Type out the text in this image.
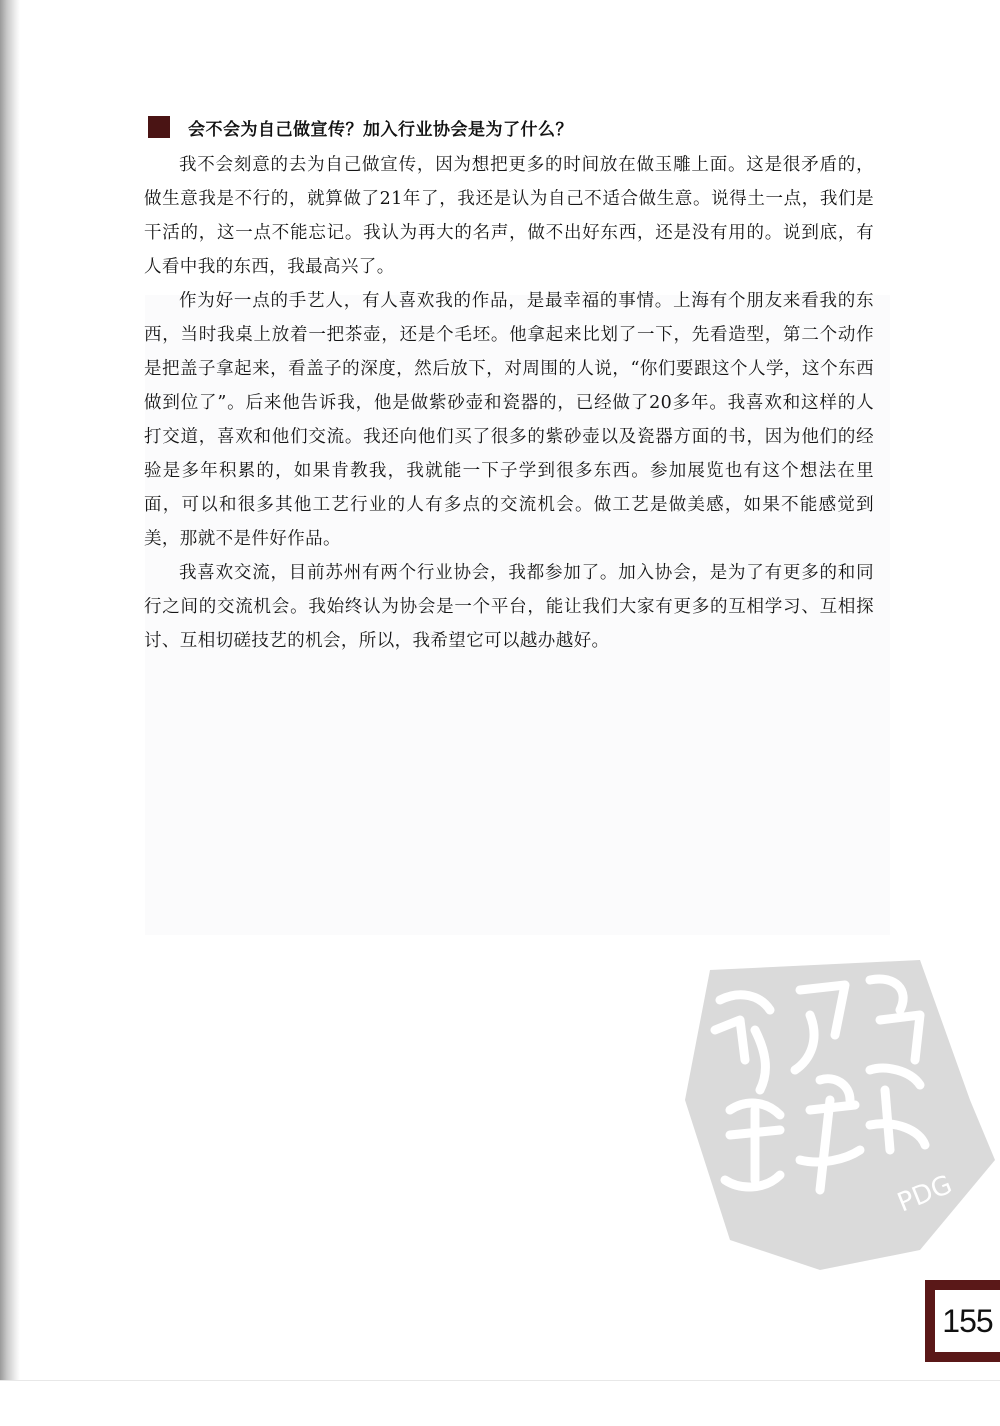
会不会为自己做宣传？加入行业协会是为了什么？

我不会刻意的去为自己做宣传，因为想把更多的时间放在做玉雕上面。这是很矛盾的，做生意我是不行的，就算做了21年了，我还是认为自己不适合做生意。说得土一点，我们是干活的，这一点不能忘记。我认为再大的名声，做不出好东西，还是没有用的。说到底，有人看中我的东西，我最高兴了。

作为好一点的手艺人，有人喜欢我的作品，是最幸福的事情。上海有个朋友来看我的东西，当时我桌上放着一把茶壶，还是个毛坯。他拿起来比划了一下，先看造型，第二个动作是把盖子拿起来，看盖子的深度，然后放下，对周围的人说，“你们要跟这个人学，这个东西做到位了”。后来他告诉我，他是做紫砂壶和瓷器的，已经做了20多年。我喜欢和这样的人打交道，喜欢和他们交流。我还向他们买了很多的紫砂壶以及瓷器方面的书，因为他们的经验是多年积累的，如果肯教我，我就能一下子学到很多东西。参加展览也有这个想法在里面，可以和很多其他工艺行业的人有多点的交流机会。做工艺是做美感，如果不能感觉到美，那就不是件好作品。

我喜欢交流，目前苏州有两个行业协会，我都参加了。加入协会，是为了有更多的和同行之间的交流机会。我始终认为协会是一个平台，能让我们大家有更多的互相学习、互相探讨、互相切磋技艺的机会，所以，我希望它可以越办越好。

PDG
155
